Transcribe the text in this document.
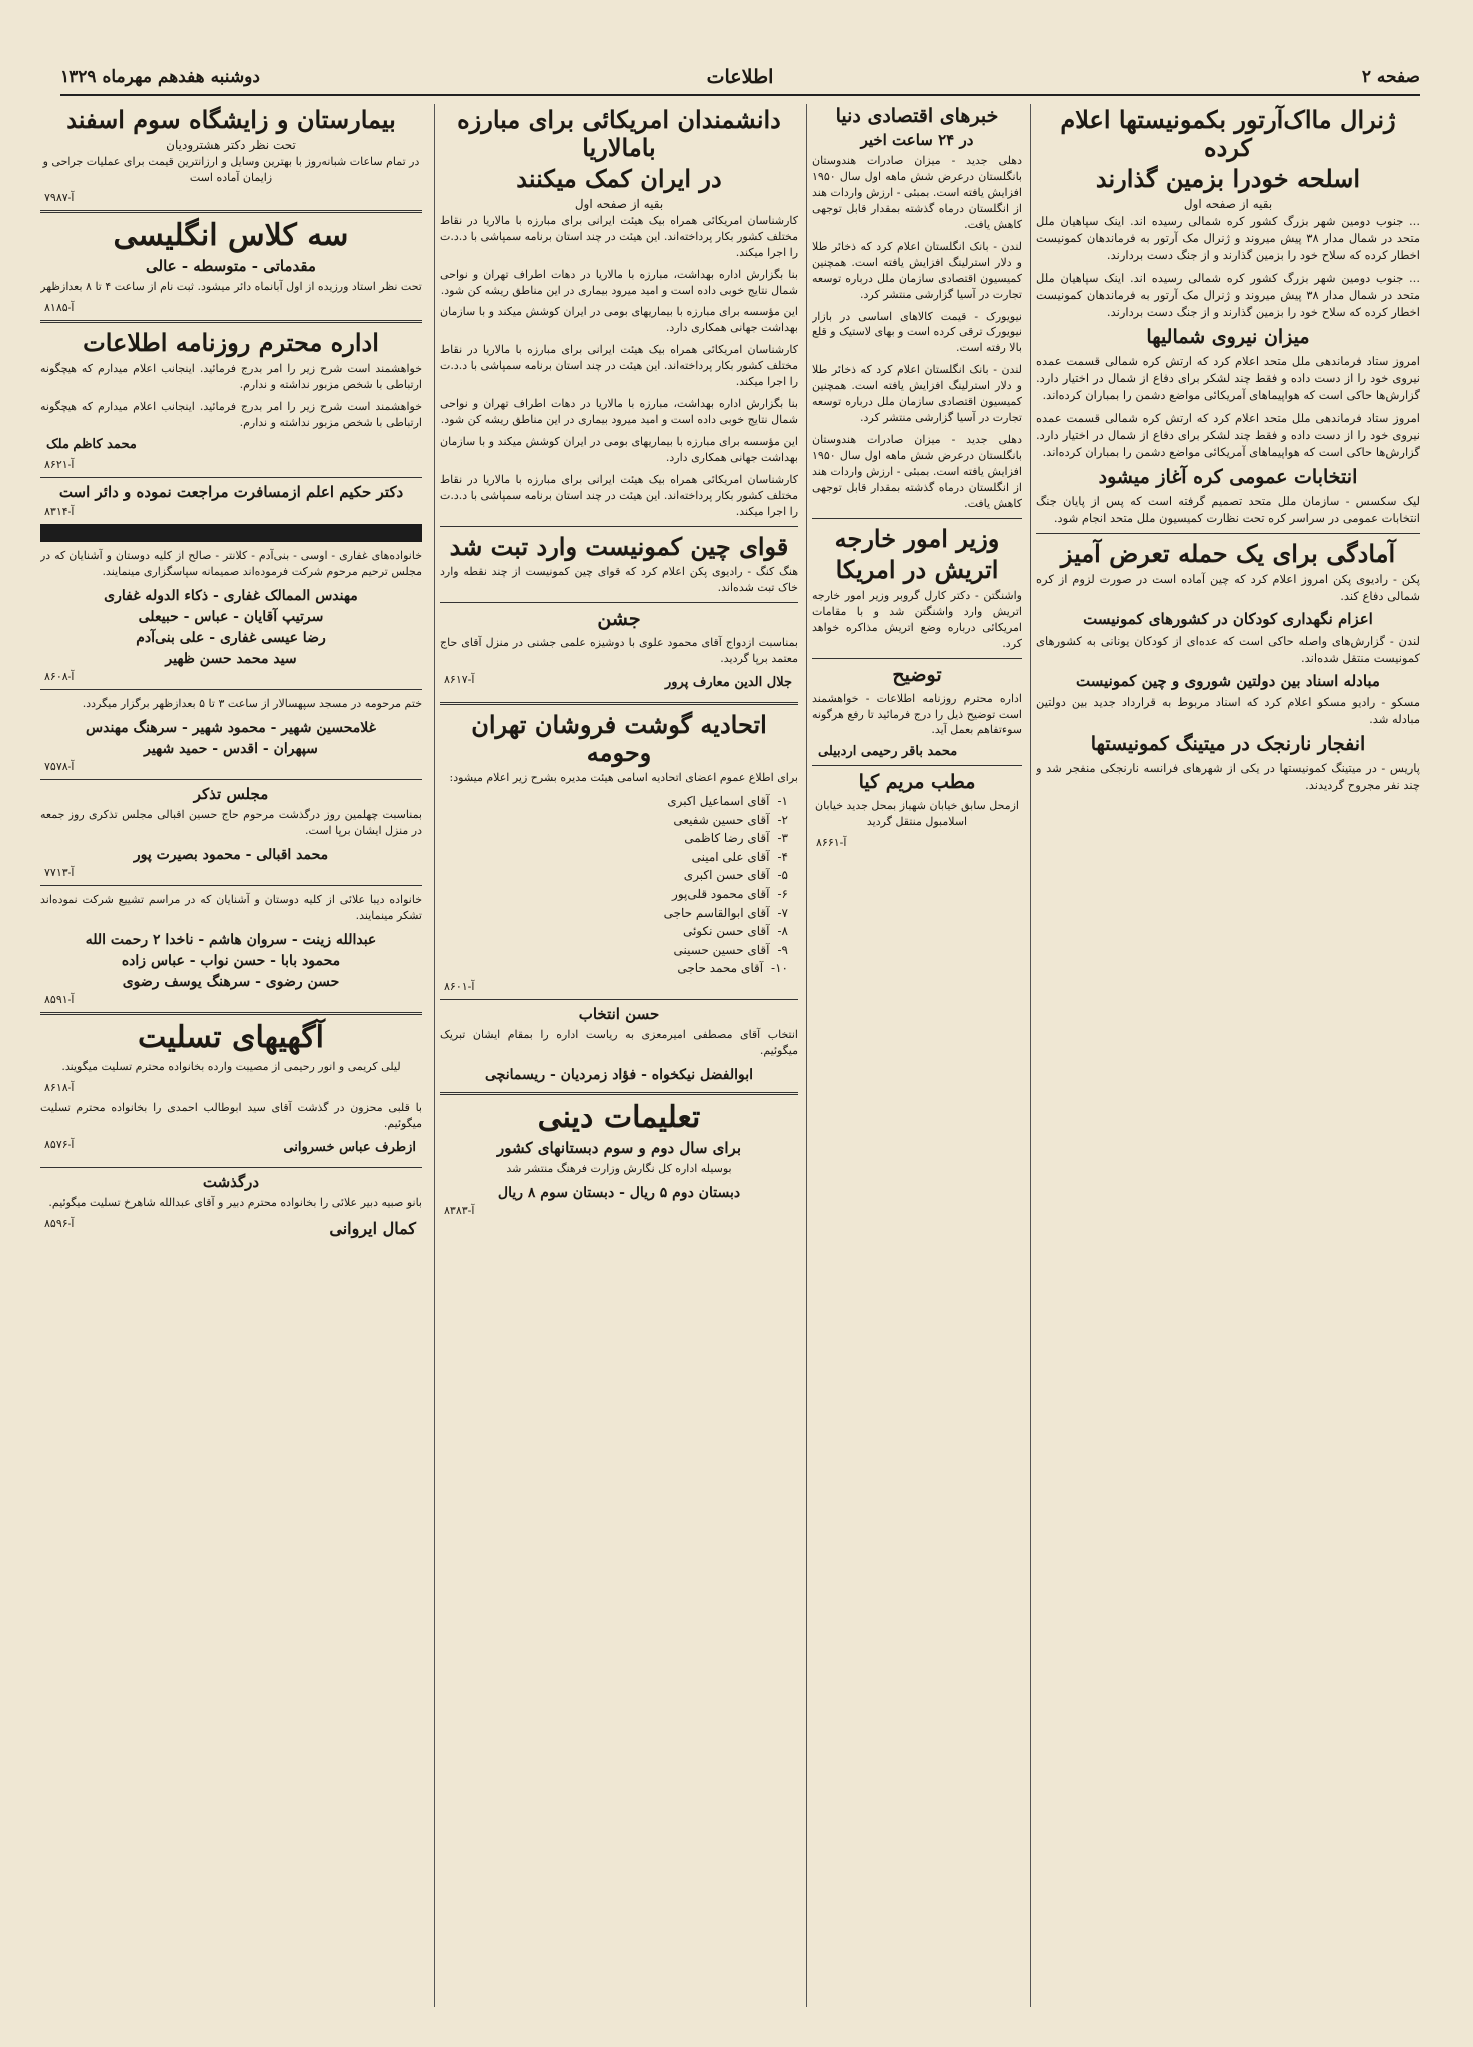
صفحه ۲
اطلاعات
دوشنبه هفدهم مهرماه ۱۳۲۹
ژنرال مااک‌آرتور بکمونیستها اعلام کرده
اسلحه خودرا بزمین گذارند
بقیه از صفحه اول
... جنوب دومین شهر بزرگ کشور کره شمالی رسیده اند. اینک سپاهیان ملل متحد در شمال مدار ۳۸ پیش میروند و ژنرال مک آرتور به فرماندهان کمونیست اخطار کرده که سلاح خود را بزمین گذارند و از جنگ دست بردارند.
... جنوب دومین شهر بزرگ کشور کره شمالی رسیده اند. اینک سپاهیان ملل متحد در شمال مدار ۳۸ پیش میروند و ژنرال مک آرتور به فرماندهان کمونیست اخطار کرده که سلاح خود را بزمین گذارند و از جنگ دست بردارند.
میزان نیروی شمالیها
امروز ستاد فرماندهی ملل متحد اعلام کرد که ارتش کره شمالی قسمت عمده نیروی خود را از دست داده و فقط چند لشکر برای دفاع از شمال در اختیار دارد. گزارش‌ها حاکی است که هواپیماهای آمریکائی مواضع دشمن را بمباران کرده‌اند.
امروز ستاد فرماندهی ملل متحد اعلام کرد که ارتش کره شمالی قسمت عمده نیروی خود را از دست داده و فقط چند لشکر برای دفاع از شمال در اختیار دارد. گزارش‌ها حاکی است که هواپیماهای آمریکائی مواضع دشمن را بمباران کرده‌اند.
انتخابات عمومی کره آغاز میشود
لیک سکسس - سازمان ملل متحد تصمیم گرفته است که پس از پایان جنگ انتخابات عمومی در سراسر کره تحت نظارت کمیسیون ملل متحد انجام شود.
آمادگی برای یک حمله تعرض آمیز
پکن - رادیوی پکن امروز اعلام کرد که چین آماده است در صورت لزوم از کره شمالی دفاع کند.
اعزام نگهداری کودکان در کشورهای کمونیست
لندن - گزارش‌های واصله حاکی است که عده‌ای از کودکان یونانی به کشورهای کمونیست منتقل شده‌اند.
مبادله اسناد بین دولتین شوروی و چین کمونیست
مسکو - رادیو مسکو اعلام کرد که اسناد مربوط به قرارداد جدید بین دولتین مبادله شد.
انفجار نارنجک در میتینگ کمونیستها
پاریس - در میتینگ کمونیستها در یکی از شهرهای فرانسه نارنجکی منفجر شد و چند نفر مجروح گردیدند.
خبرهای اقتصادی دنیا
در ۲۴ ساعت اخیر
دهلی جدید - میزان صادرات هندوستان بانگلستان درعرض شش ماهه اول سال ۱۹۵۰ افزایش یافته است. بمبئی - ارزش واردات هند از انگلستان درماه گذشته بمقدار قابل توجهی کاهش یافت.
لندن - بانک انگلستان اعلام کرد که ذخائر طلا و دلار استرلینگ افزایش یافته است. همچنین کمیسیون اقتصادی سازمان ملل درباره توسعه تجارت در آسیا گزارشی منتشر کرد.
نیویورک - قیمت کالاهای اساسی در بازار نیویورک ترقی کرده است و بهای لاستیک و قلع بالا رفته است.
لندن - بانک انگلستان اعلام کرد که ذخائر طلا و دلار استرلینگ افزایش یافته است. همچنین کمیسیون اقتصادی سازمان ملل درباره توسعه تجارت در آسیا گزارشی منتشر کرد.
دهلی جدید - میزان صادرات هندوستان بانگلستان درعرض شش ماهه اول سال ۱۹۵۰ افزایش یافته است. بمبئی - ارزش واردات هند از انگلستان درماه گذشته بمقدار قابل توجهی کاهش یافت.
وزیر امور خارجه
اتریش در امریکا
واشنگتن - دکتر کارل گروبر وزیر امور خارجه اتریش وارد واشنگتن شد و با مقامات امریکائی درباره وضع اتریش مذاکره خواهد کرد.
توضیح
اداره محترم روزنامه اطلاعات - خواهشمند است توضیح ذیل را درج فرمائید تا رفع هرگونه سوءتفاهم بعمل آید.
محمد باقر رحیمی اردبیلی
مطب مریم کیا
ازمحل سابق خیابان شهباز بمحل جدید خیابان اسلامبول منتقل گردید
آ-۸۶۶۱
دانشمندان امریکائی برای مبارزه بامالاریا
در ایران کمک میکنند
بقیه از صفحه اول
کارشناسان امریکائی همراه بیک هیئت ایرانی برای مبارزه با مالاریا در نقاط مختلف کشور بکار پرداخته‌اند. این هیئت در چند استان برنامه سمپاشی با د.د.ت را اجرا میکند.
بنا بگزارش اداره بهداشت، مبارزه با مالاریا در دهات اطراف تهران و نواحی شمال نتایج خوبی داده است و امید میرود بیماری در این مناطق ریشه کن شود.
این مؤسسه برای مبارزه با بیماریهای بومی در ایران کوشش میکند و با سازمان بهداشت جهانی همکاری دارد.
کارشناسان امریکائی همراه بیک هیئت ایرانی برای مبارزه با مالاریا در نقاط مختلف کشور بکار پرداخته‌اند. این هیئت در چند استان برنامه سمپاشی با د.د.ت را اجرا میکند.
بنا بگزارش اداره بهداشت، مبارزه با مالاریا در دهات اطراف تهران و نواحی شمال نتایج خوبی داده است و امید میرود بیماری در این مناطق ریشه کن شود.
این مؤسسه برای مبارزه با بیماریهای بومی در ایران کوشش میکند و با سازمان بهداشت جهانی همکاری دارد.
کارشناسان امریکائی همراه بیک هیئت ایرانی برای مبارزه با مالاریا در نقاط مختلف کشور بکار پرداخته‌اند. این هیئت در چند استان برنامه سمپاشی با د.د.ت را اجرا میکند.
قوای چین کمونیست وارد تبت شد
هنگ کنگ - رادیوی پکن اعلام کرد که قوای چین کمونیست از چند نقطه وارد خاک تبت شده‌اند.
جشن
بمناسبت ازدواج آقای محمود علوی با دوشیزه علمی جشنی در منزل آقای حاج معتمد برپا گردید.
جلال الدین معارف پرور
آ-۸۶۱۷
اتحادیه گوشت فروشان تهران وحومه
برای اطلاع عموم اعضای اتحادیه اسامی هیئت مدیره بشرح زیر اعلام میشود:
۱-
آقای اسماعیل اکبری
۲-
آقای حسین شفیعی
۳-
آقای رضا کاظمی
۴-
آقای علی امینی
۵-
آقای حسن اکبری
۶-
آقای محمود قلی‌پور
۷-
آقای ابوالقاسم حاجی
۸-
آقای حسن نکوئی
۹-
آقای حسین حسینی
۱۰-
آقای محمد حاجی
آ-۸۶۰۱
حسن انتخاب
انتخاب آقای مصطفی امیرمعزی به ریاست اداره را بمقام ایشان تبریک میگوئیم.
ابوالفضل نیکخواه - فؤاد زمردیان - ریسمانچی
تعلیمات دینی
برای سال دوم و سوم دبستانهای کشور
بوسیله اداره کل نگارش وزارت فرهنگ منتشر شد
دبستان دوم ۵ ریال - دبستان سوم ۸ ریال
آ-۸۳۸۳
بیمارستان و زایشگاه سوم اسفند
تحت نظر دکتر هشترودیان
در تمام ساعات شبانه‌روز با بهترین وسایل و ارزانترین قیمت برای عملیات جراحی و زایمان آماده است
آ-۷۹۸۷
سه کلاس انگلیسی
مقدماتی - متوسطه - عالی
تحت نظر استاد ورزیده از اول آبانماه دائر میشود. ثبت نام از ساعت ۴ تا ۸ بعدازظهر
آ-۸۱۸۵
اداره محترم روزنامه اطلاعات
خواهشمند است شرح زیر را امر بدرج فرمائید. اینجانب اعلام میدارم که هیچگونه ارتباطی با شخص مزبور نداشته و ندارم.
خواهشمند است شرح زیر را امر بدرج فرمائید. اینجانب اعلام میدارم که هیچگونه ارتباطی با شخص مزبور نداشته و ندارم.
محمد کاظم ملک
آ-۸۶۲۱
دکتر حکیم اعلم ازمسافرت مراجعت نموده و دائر است
آ-۸۳۱۴
خانواده‌های غفاری - اوسی - بنی‌آدم - کلانتر - صالح از کلیه دوستان و آشنایان که در مجلس ترحیم مرحوم شرکت فرموده‌اند صمیمانه سپاسگزاری مینمایند.
مهندس الممالک غفاری - ذکاء الدوله غفاری
سرتیپ آقایان - عباس - حبیعلی
رضا عیسی غفاری - علی بنی‌آدم
سید محمد حسن ظهیر
آ-۸۶۰۸
ختم مرحومه در مسجد سپهسالار از ساعت ۳ تا ۵ بعدازظهر برگزار میگردد.
غلامحسین شهیر - محمود شهیر - سرهنگ مهندس
سپهران - اقدس - حمید شهیر
آ-۷۵۷۸
مجلس تذکر
بمناسبت چهلمین روز درگذشت مرحوم حاج حسین اقبالی مجلس تذکری روز جمعه در منزل ایشان برپا است.
محمد اقبالی - محمود بصیرت پور
آ-۷۷۱۳
خانواده دیبا علائی از کلیه دوستان و آشنایان که در مراسم تشییع شرکت نموده‌اند تشکر مینمایند.
عبدالله زینت - سروان هاشم - ناخدا ۲ رحمت الله
محمود بابا - حسن نواب - عباس زاده
حسن رضوی - سرهنگ یوسف رضوی
آ-۸۵۹۱
آگهیهای تسلیت
لیلی کریمی و انور رحیمی از مصیبت وارده بخانواده محترم تسلیت میگویند.
آ-۸۶۱۸
با قلبی محزون در گذشت آقای سید ابوطالب احمدی را بخانواده محترم تسلیت میگوئیم.
ازطرف عباس خسروانی
آ-۸۵۷۶
درگذشت
بانو صبیه دبیر علائی را بخانواده محترم دبیر و آقای عبدالله شاهرخ تسلیت میگوئیم.
کمال ایروانی
آ-۸۵۹۶
